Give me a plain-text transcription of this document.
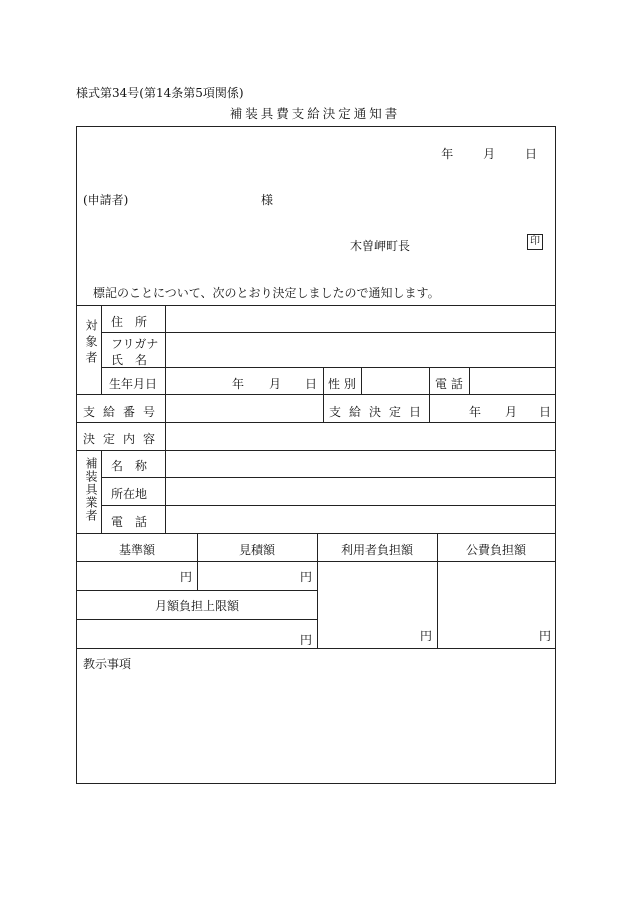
様式第34号(第14条第5項関係)
補装具費支給決定通知書
年 月 日
(申請者)	様
木曽岬町長	印
標記のことについて、次のとおり決定しましたので通知します。
対象者 住　所
フリガナ
氏　名
生年月日	年 月 日 性 別	電 話
支給番号	支給決定日	年 月 日
決定内容
補装具業者 名　称
所在地
電　話
基準額	見積額	利用者負担額	公費負担額
円	円
月額負担上限額
円	円	円
教示事項
